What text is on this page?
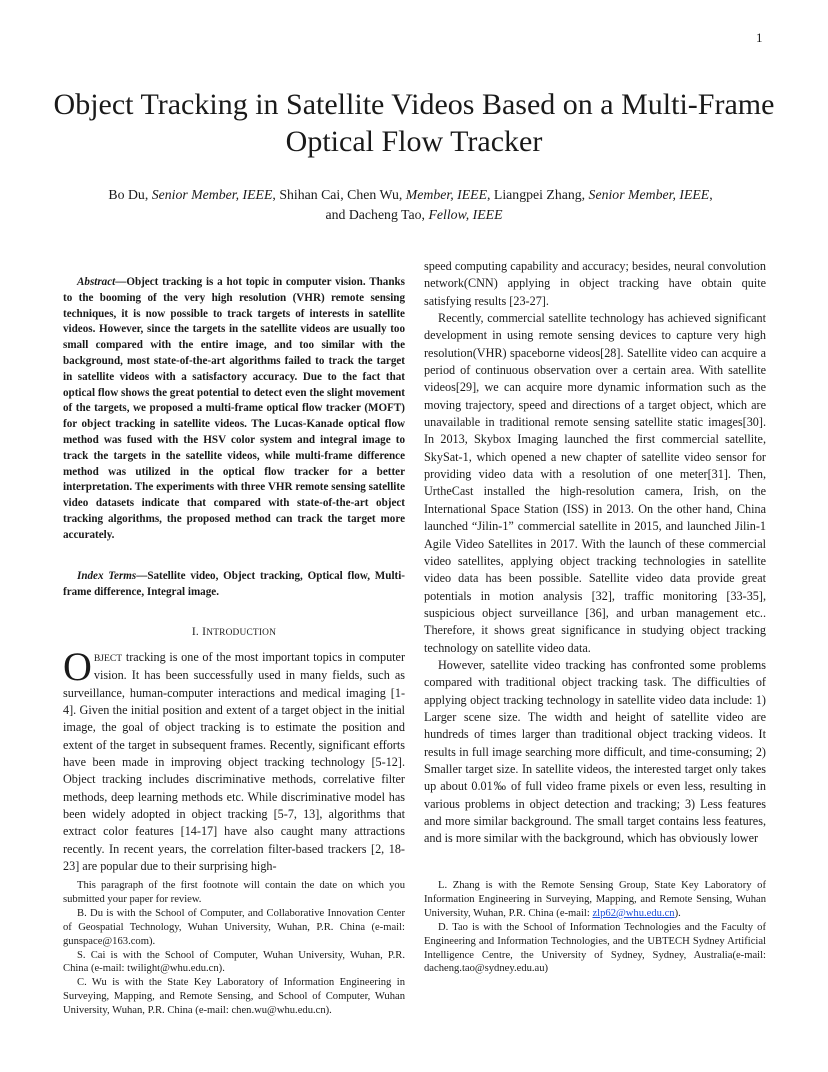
1
Object Tracking in Satellite Videos Based on a Multi-Frame Optical Flow Tracker
Bo Du, Senior Member, IEEE, Shihan Cai, Chen Wu, Member, IEEE, Liangpei Zhang, Senior Member, IEEE,   and Dacheng Tao, Fellow, IEEE

Abstract—Object tracking is a hot topic in computer vision. Thanks to the booming of the very high resolution (VHR) remote sensing techniques, it is now possible to track targets of interests in satellite videos. However, since the targets in the satellite videos are usually too small compared with the entire image, and too similar with the background, most state-of-the-art algorithms failed to track the target in satellite videos with a satisfactory accuracy. Due to the fact that optical flow shows the great potential to detect even the slight movement of the targets, we proposed a multi-frame optical flow tracker (MOFT) for object tracking in satellite videos. The Lucas-Kanade optical flow method was fused with the HSV color system and integral image to track the targets in the satellite videos, while multi-frame difference method was utilized in the optical flow tracker for a better interpretation. The experiments with three VHR remote sensing satellite video datasets indicate that compared with state-of-the-art object tracking algorithms, the proposed method can track the target more accurately.

Index Terms—Satellite video, Object tracking, Optical flow, Multi-frame difference, Integral image.

I. INTRODUCTION

OBJECT tracking is one of the most important topics in computer vision. It has been successfully used in many fields, such as surveillance, human-computer interactions and medical imaging [1-4]. Given the initial position and extent of a target object in the initial image, the goal of object tracking is to estimate the position and extent of the target in subsequent frames. Recently, significant efforts have been made in improving object tracking technology [5-12]. Object tracking includes discriminative methods, correlative filter methods, deep learning methods etc. While discriminative model has been widely adopted in object tracking [5-7, 13], algorithms that extract color features [14-17] have also caught many attractions recently. In recent years, the correlation filter-based trackers [2, 18-23] are popular due to their surprising high-

speed computing capability and accuracy; besides, neural convolution network(CNN) applying in object tracking have obtain quite satisfying results [23-27].

Recently, commercial satellite technology has achieved significant development in using remote sensing devices to capture very high resolution(VHR) spaceborne videos[28]. Satellite video can acquire a period of continuous observation over a certain area. With satellite videos[29], we can acquire more dynamic information such as the moving trajectory, speed and directions of a target object, which are unavailable in traditional remote sensing satellite static images[30]. In 2013, Skybox Imaging launched the first commercial satellite, SkySat-1, which opened a new chapter of satellite video sensor for providing video data with a resolution of one meter[31]. Then, UrtheCast installed the high-resolution camera, Irish, on the International Space Station (ISS) in 2013. On the other hand, China launched “Jilin-1” commercial satellite in 2015, and launched Jilin-1 Agile Video Satellites in 2017. With the launch of these commercial video satellites, applying object tracking technologies in satellite video data has been possible. Satellite video data provide great potentials in motion analysis [32], traffic monitoring [33-35], suspicious object surveillance [36], and urban management etc.. Therefore, it shows great significance in studying object tracking technology on satellite video data.

However, satellite video tracking has confronted some problems compared with traditional object tracking task. The difficulties of applying object tracking technology in satellite video data include: 1) Larger scene size. The width and height of satellite video are hundreds of times larger than traditional object tracking videos. It results in full image searching more difficult, and time-consuming; 2) Smaller target size. In satellite videos, the interested target only takes up about 0.01‰ of full video frame pixels or even less, resulting in various problems in object detection and tracking; 3) Less features and more similar background. The small target contains less features, and is more similar with the background, which has obviously lower

This paragraph of the first footnote will contain the date on which you submitted your paper for review.

B. Du is with the School of Computer, and Collaborative Innovation Center of Geospatial Technology, Wuhan University, Wuhan, P.R. China (e-mail: gunspace@163.com).

S. Cai is with the School of Computer, Wuhan University, Wuhan, P.R. China (e-mail: twilight@whu.edu.cn).

C. Wu is with the State Key Laboratory of Information Engineering in Surveying, Mapping, and Remote Sensing, and School of Computer, Wuhan University, Wuhan, P.R. China (e-mail: chen.wu@whu.edu.cn).

L. Zhang is with the Remote Sensing Group, State Key Laboratory of Information Engineering in Surveying, Mapping, and Remote Sensing, Wuhan University, Wuhan, P.R. China (e-mail: zlp62@whu.edu.cn).

D. Tao is with the School of Information Technologies and the Faculty of Engineering and Information Technologies, and the UBTECH Sydney Artificial Intelligence Centre, the University of Sydney, Sydney, Australia(e-mail: dacheng.tao@sydney.edu.au)
